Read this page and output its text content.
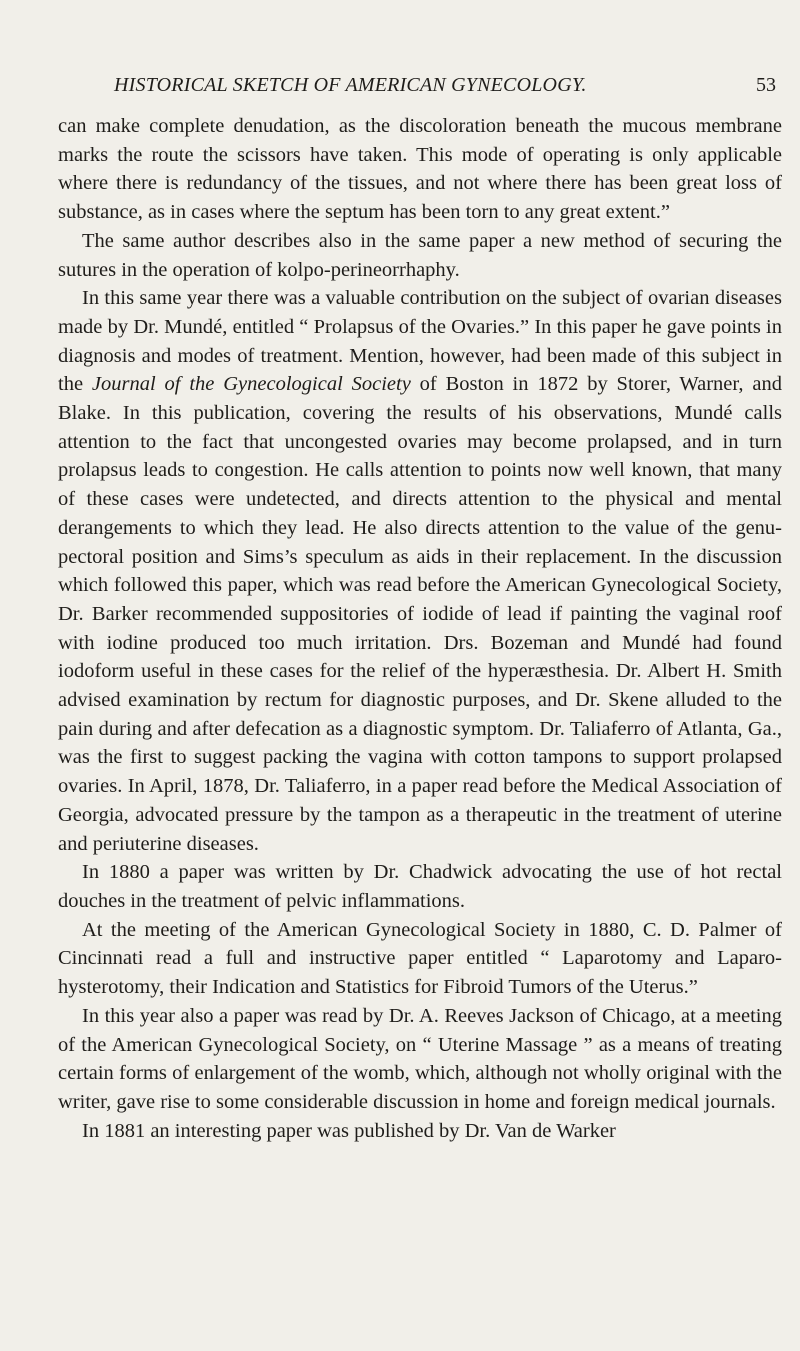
HISTORICAL SKETCH OF AMERICAN GYNECOLOGY.	53

can make complete denudation, as the discoloration beneath the mucous membrane marks the route the scissors have taken. This mode of operating is only applicable where there is redundancy of the tissues, and not where there has been great loss of substance, as in cases where the septum has been torn to any great extent.”

The same author describes also in the same paper a new method of securing the sutures in the operation of kolpo-perineorrhaphy.

In this same year there was a valuable contribution on the subject of ovarian diseases made by Dr. Mundé, entitled “ Prolapsus of the Ovaries.” In this paper he gave points in diagnosis and modes of treatment. Mention, however, had been made of this subject in the Journal of the Gynecological Society of Boston in 1872 by Storer, Warner, and Blake. In this publication, covering the results of his observations, Mundé calls attention to the fact that uncongested ovaries may become prolapsed, and in turn prolapsus leads to congestion. He calls attention to points now well known, that many of these cases were undetected, and directs attention to the physical and mental derangements to which they lead. He also directs attention to the value of the genu-pectoral position and Sims’s speculum as aids in their replacement. In the discussion which followed this paper, which was read before the American Gynecological Society, Dr. Barker recommended suppositories of iodide of lead if painting the vaginal roof with iodine produced too much irritation. Drs. Bozeman and Mundé had found iodoform useful in these cases for the relief of the hyperæsthesia. Dr. Albert H. Smith advised examination by rectum for diagnostic purposes, and Dr. Skene alluded to the pain during and after defecation as a diagnostic symptom. Dr. Taliaferro of Atlanta, Ga., was the first to suggest packing the vagina with cotton tampons to support prolapsed ovaries. In April, 1878, Dr. Taliaferro, in a paper read before the Medical Association of Georgia, advocated pressure by the tampon as a therapeutic in the treatment of uterine and periuterine diseases.

In 1880 a paper was written by Dr. Chadwick advocating the use of hot rectal douches in the treatment of pelvic inflammations.

At the meeting of the American Gynecological Society in 1880, C. D. Palmer of Cincinnati read a full and instructive paper entitled “ Laparotomy and Laparo-hysterotomy, their Indication and Statistics for Fibroid Tumors of the Uterus.”

In this year also a paper was read by Dr. A. Reeves Jackson of Chicago, at a meeting of the American Gynecological Society, on “ Uterine Massage ” as a means of treating certain forms of enlargement of the womb, which, although not wholly original with the writer, gave rise to some considerable discussion in home and foreign medical journals.

In 1881 an interesting paper was published by Dr. Van de Warker
